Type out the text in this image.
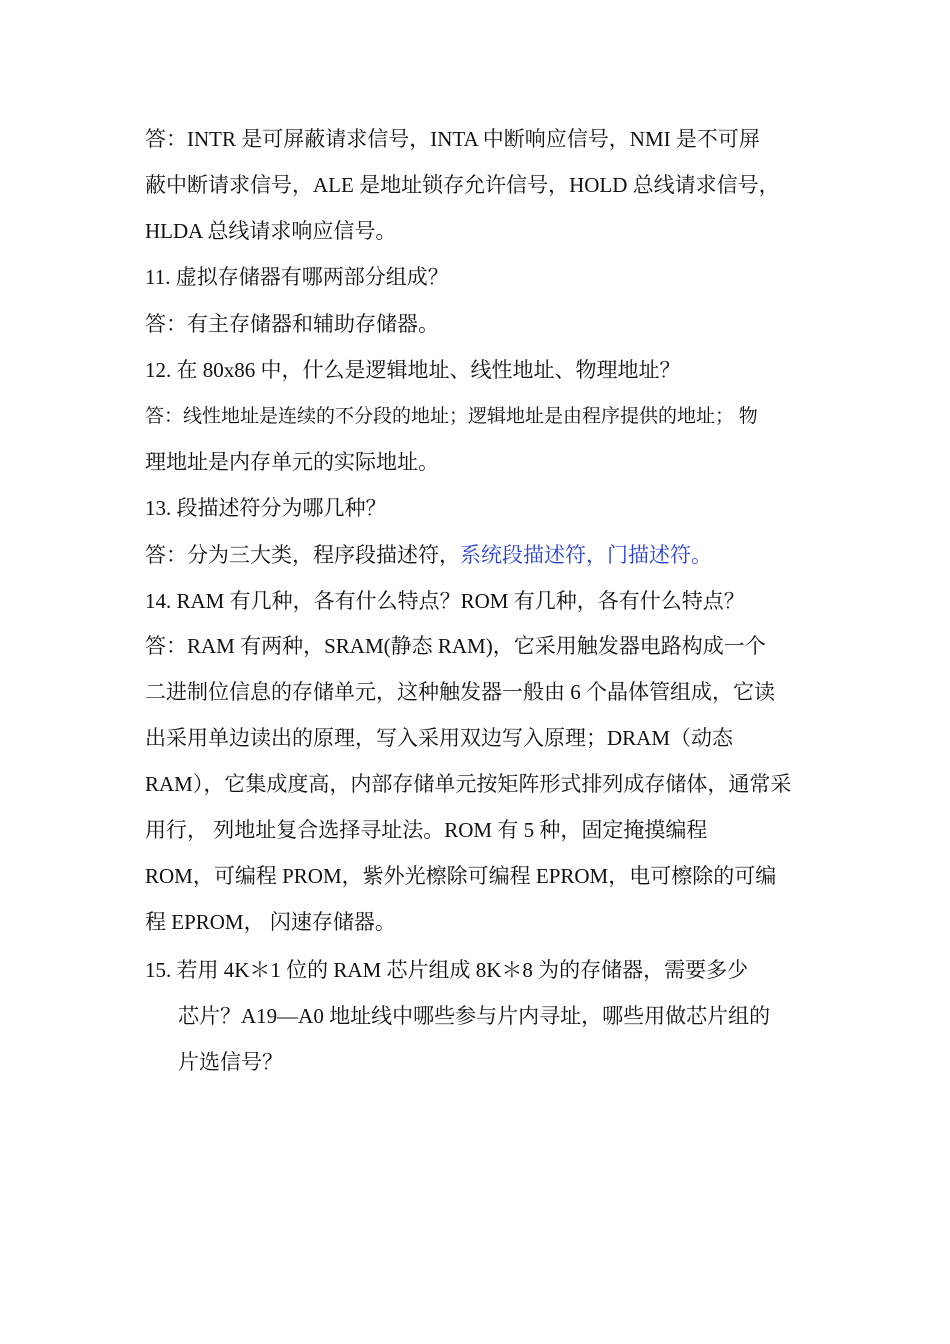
答：INTR 是可屏蔽请求信号，INTA 中断响应信号，NMI 是不可屏
蔽中断请求信号，ALE 是地址锁存允许信号，HOLD 总线请求信号，
HLDA 总线请求响应信号。
11. 虚拟存储器有哪两部分组成？
答：有主存储器和辅助存储器。
12. 在 80x86 中，什么是逻辑地址、线性地址、物理地址？
答：线性地址是连续的不分段的地址；逻辑地址是由程序提供的地址； 物
理地址是内存单元的实际地址。
13. 段描述符分为哪几种？
答：分为三大类，程序段描述符，系统段描述符，门描述符。
14. RAM 有几种，各有什么特点？ROM 有几种，各有什么特点？
答：RAM 有两种，SRAM(静态 RAM)，它采用触发器电路构成一个
二进制位信息的存储单元，这种触发器一般由 6 个晶体管组成，它读
出采用单边读出的原理，写入采用双边写入原理；DRAM（动态
RAM），它集成度高，内部存储单元按矩阵形式排列成存储体，通常采
用行， 列地址复合选择寻址法。ROM 有 5 种，固定掩摸编程
ROM，可编程 PROM，紫外光檫除可编程 EPROM，电可檫除的可编
程 EPROM， 闪速存储器。
15. 若用 4K＊1 位的 RAM 芯片组成 8K＊8 为的存储器，需要多少
芯片？A19—A0 地址线中哪些参与片内寻址，哪些用做芯片组的
片选信号？
